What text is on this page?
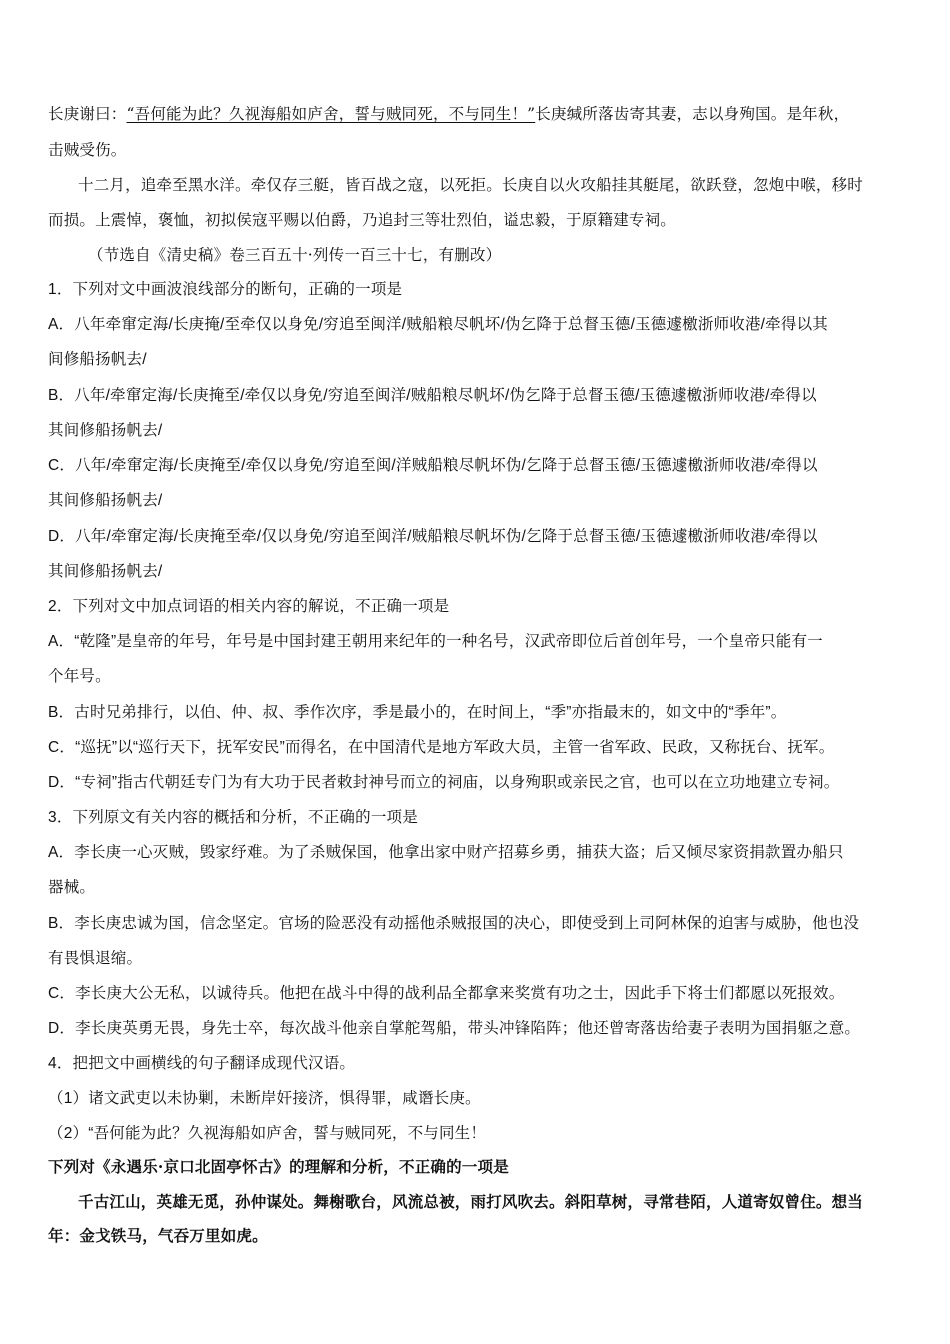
长庚谢曰：“吾何能为此？久视海船如庐舍，誓与贼同死，不与同生！”长庚缄所落齿寄其妻，志以身殉国。是年秋，
击贼受伤。
十二月，追牵至黑水洋。牵仅存三艇，皆百战之寇，以死拒。长庚自以火攻船挂其艇尾，欲跃登，忽炮中喉，移时
而损。上震悼，褒恤，初拟侯寇平赐以伯爵，乃追封三等壮烈伯，谥忠毅，于原籍建专祠。
（节选自《清史稿》卷三百五十·列传一百三十七，有删改）
1．下列对文中画波浪线部分的断句，正确的一项是
A．八年牵窜定海/长庚掩/至牵仅以身免/穷追至闽洋/贼船粮尽帆坏/伪乞降于总督玉德/玉德遽檄浙师收港/牵得以其
间修船扬帆去/
B．八年/牵窜定海/长庚掩至/牵仅以身免/穷追至闽洋/贼船粮尽帆坏/伪乞降于总督玉德/玉德遽檄浙师收港/牵得以
其间修船扬帆去/
C．八年/牵窜定海/长庚掩至/牵仅以身免/穷追至闽/洋贼船粮尽帆坏伪/乞降于总督玉德/玉德遽檄浙师收港/牵得以
其间修船扬帆去/
D．八年/牵窜定海/长庚掩至牵/仅以身免/穷追至闽洋/贼船粮尽帆坏伪/乞降于总督玉德/玉德遽檄浙师收港/牵得以
其间修船扬帆去/
2．下列对文中加点词语的相关内容的解说，不正确一项是
A．“乾隆”是皇帝的年号，年号是中国封建王朝用来纪年的一种名号，汉武帝即位后首创年号，一个皇帝只能有一
个年号。
B．古时兄弟排行，以伯、仲、叔、季作次序，季是最小的，在时间上，“季”亦指最末的，如文中的“季年”。
C．“巡抚”以“巡行天下，抚军安民”而得名，在中国清代是地方军政大员，主管一省军政、民政，又称抚台、抚军。
D．“专祠”指古代朝廷专门为有大功于民者敕封神号而立的祠庙，以身殉职或亲民之官，也可以在立功地建立专祠。
3．下列原文有关内容的概括和分析，不正确的一项是
A．李长庚一心灭贼，毁家纾难。为了杀贼保国，他拿出家中财产招募乡勇，捕获大盗；后又倾尽家资捐款置办船只
器械。
B．李长庚忠诚为国，信念坚定。官场的险恶没有动摇他杀贼报国的决心，即使受到上司阿林保的迫害与威胁，他也没
有畏惧退缩。
C．李长庚大公无私，以诚待兵。他把在战斗中得的战利品全都拿来奖赏有功之士，因此手下将士们都愿以死报效。
D．李长庚英勇无畏，身先士卒，每次战斗他亲自掌舵驾船，带头冲锋陷阵；他还曾寄落齿给妻子表明为国捐躯之意。
4．把把文中画横线的句子翻译成现代汉语。
（1）诸文武吏以未协剿，未断岸奸接济，惧得罪，咸谮长庚。
（2）“吾何能为此？久视海船如庐舍，誓与贼同死，不与同生！
下列对《永遇乐·京口北固亭怀古》的理解和分析，不正确的一项是
千古江山，英雄无觅，孙仲谋处。舞榭歌台，风流总被，雨打风吹去。斜阳草树，寻常巷陌，人道寄奴曾住。想当
年：金戈铁马，气吞万里如虎。
